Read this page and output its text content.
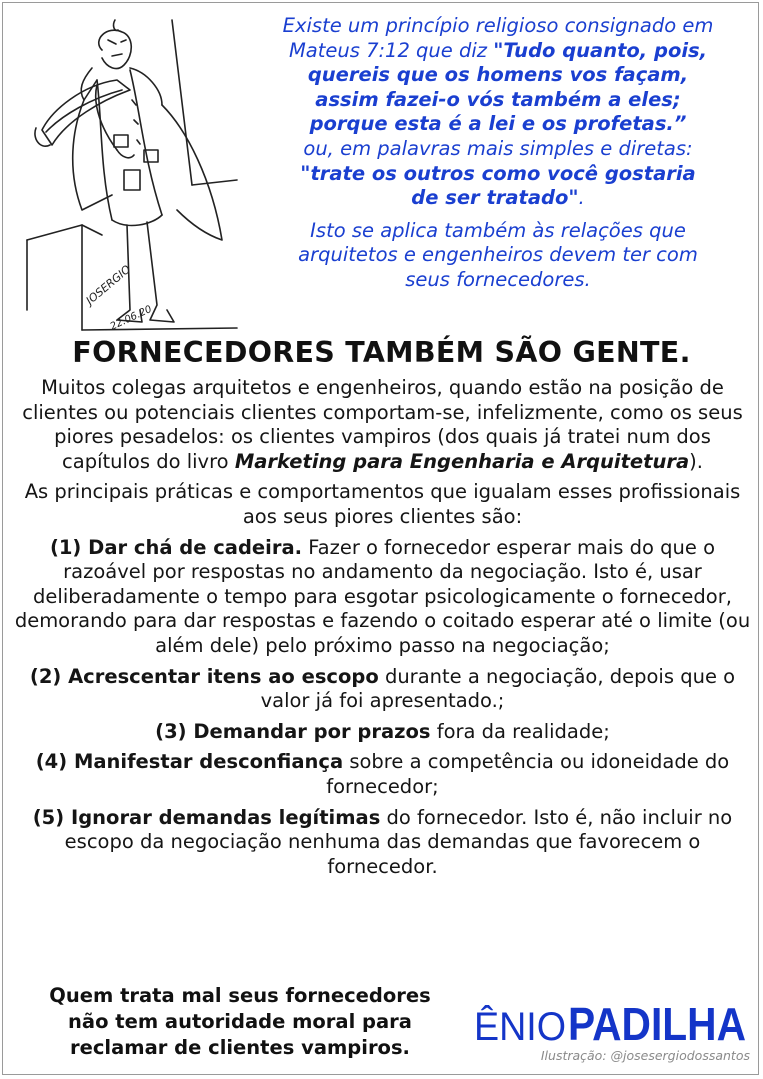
JOSERGIO
22.06.20
Existe um princípio religioso consignado em
Mateus 7:12 que diz "Tudo quanto, pois,
quereis que os homens vos façam,
assim fazei-o vós também a eles;
porque esta é a lei e os profetas.”
ou, em palavras mais simples e diretas:
"trate os outros como você gostaria
de ser tratado".
Isto se aplica também às relações que
arquitetos e engenheiros devem ter com
seus fornecedores.
FORNECEDORES TAMBÉM SÃO GENTE.

Muitos colegas arquitetos e engenheiros, quando estão na posição de clientes ou potenciais clientes comportam-se, infelizmente, como os seus piores pesadelos: os clientes vampiros (dos quais já tratei num dos capítulos do livro Marketing para Engenharia e Arquitetura).

As principais práticas e comportamentos que igualam esses profissionais aos seus piores clientes são:

(1) Dar chá de cadeira. Fazer o fornecedor esperar mais do que o razoável por respostas no andamento da negociação. Isto é, usar deliberadamente o tempo para esgotar psicologicamente o fornecedor, demorando para dar respostas e fazendo o coitado esperar até o limite (ou além dele) pelo próximo passo na negociação;

(2) Acrescentar itens ao escopo durante a negociação, depois que o valor já foi apresentado.;

(3) Demandar por prazos fora da realidade;

(4) Manifestar desconfiança sobre a competência ou idoneidade do fornecedor;

(5) Ignorar demandas legítimas do fornecedor. Isto é, não incluir no escopo da negociação nenhuma das demandas que favorecem o fornecedor.

Quem trata mal seus fornecedores
não tem autoridade moral para
reclamar de clientes vampiros.	ÊNIO
PADILHA
Ilustração: @josesergiodossantos
